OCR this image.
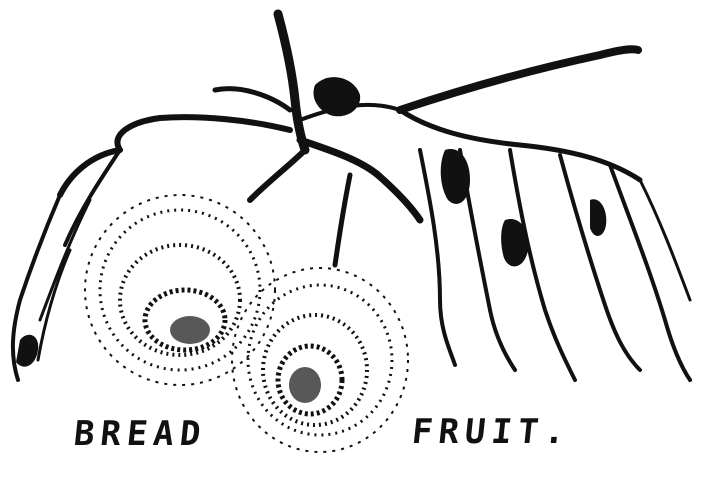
BREAD	FRUIT.
